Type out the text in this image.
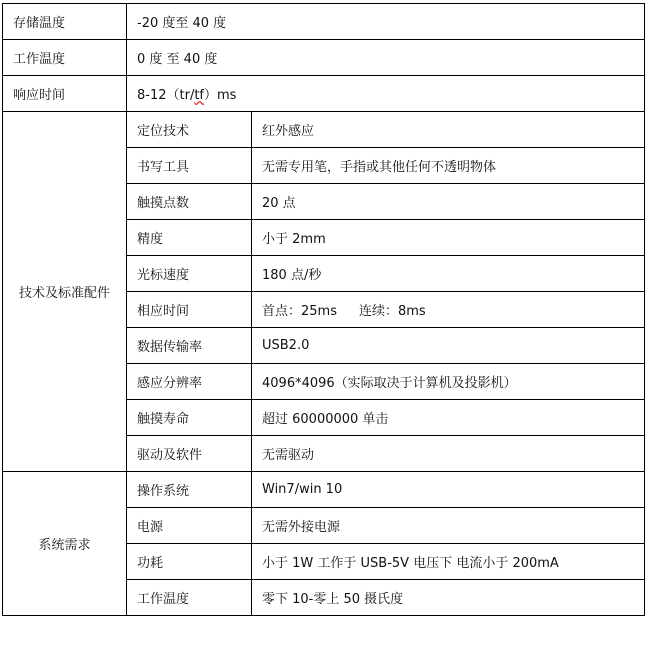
存储温度	-20 度至 40 度	
工作温度	0 度 至 40 度	
响应时间	8-12（tr/tf）ms	
技术及标准配件	定位技术	红外感应
	书写工具	无需专用笔，手指或其他任何不透明物体
	触摸点数	20 点
	精度	小于 2mm
	光标速度	180 点/秒
	相应时间	首点：25ms 连续：8ms
	数据传输率	USB2.0
	感应分辨率	4096*4096（实际取决于计算机及投影机）
	触摸寿命	超过 60000000 单击
	驱动及软件	无需驱动
系统需求	操作系统	Win7/win 10
	电源	无需外接电源
	功耗	小于 1W 工作于 USB-5V 电压下 电流小于 200mA
	工作温度	零下 10-零上 50 摄氏度
